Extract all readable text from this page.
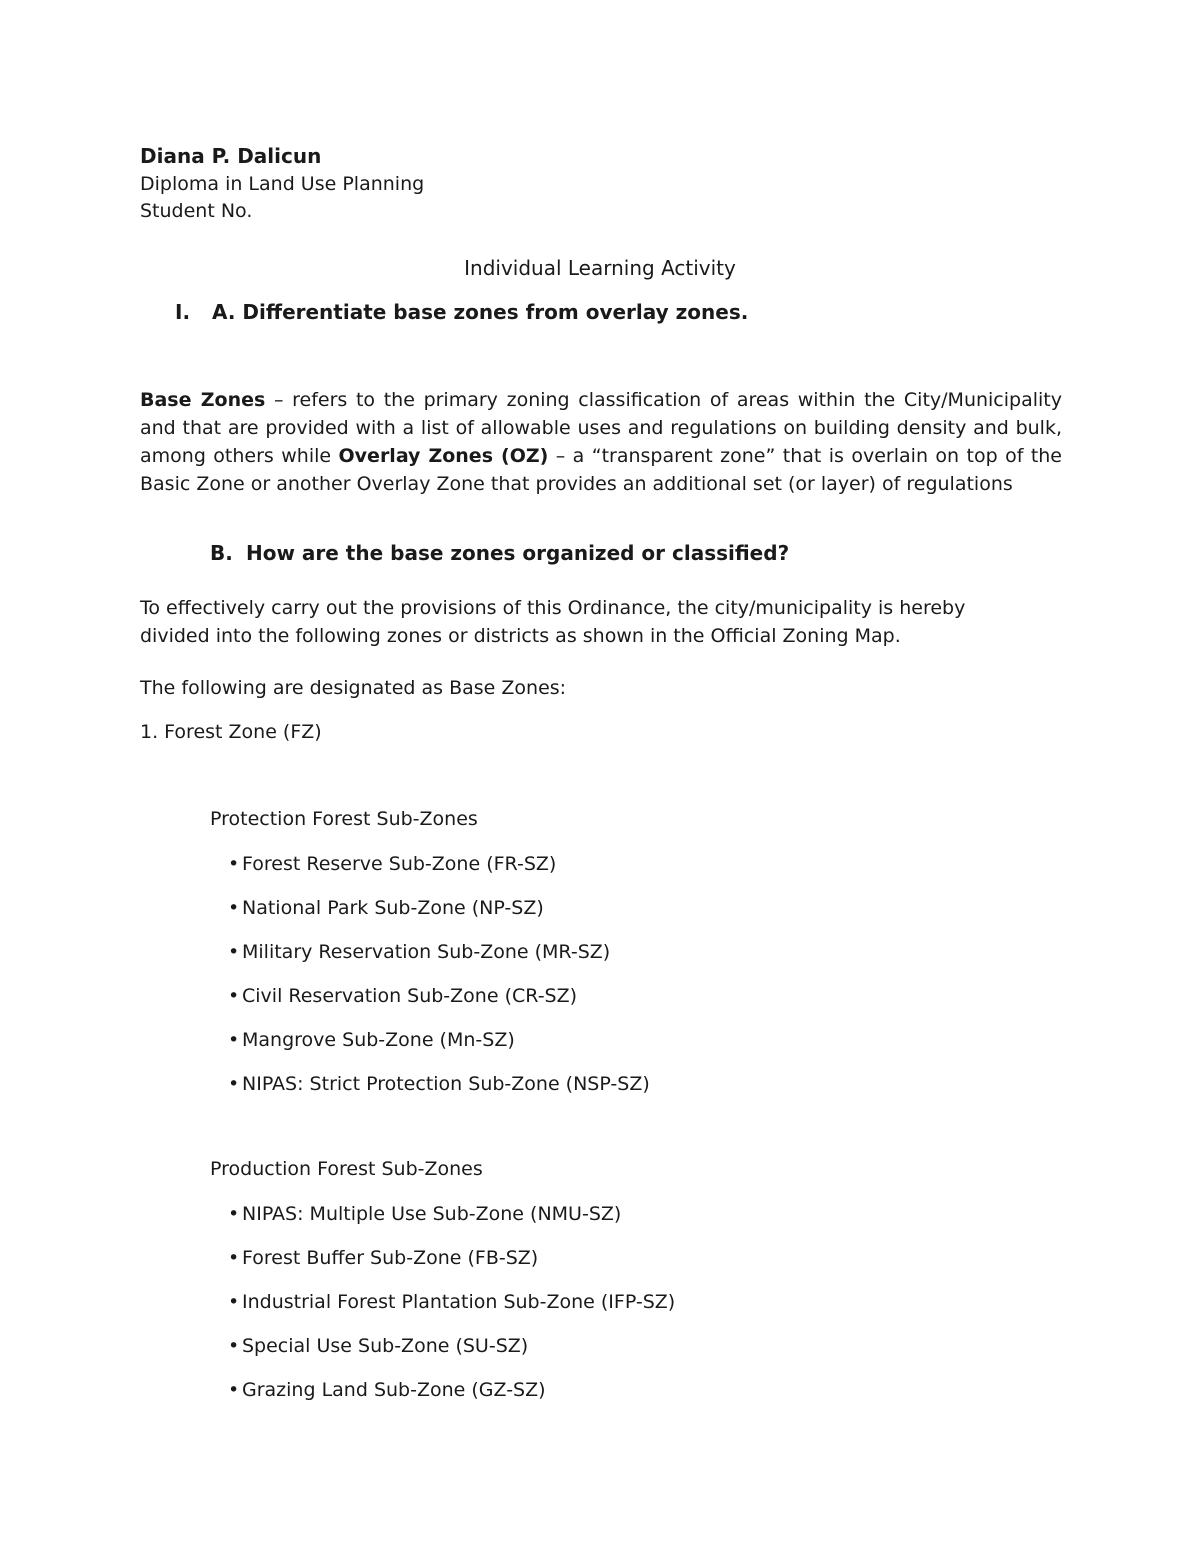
Diana P. Dalicun
Diploma in Land Use Planning
Student No.
Individual Learning Activity
I. A. Differentiate base zones from overlay zones.
Base Zones – refers to the primary zoning classification of areas within the City/Municipality and that are provided with a list of allowable uses and regulations on building density and bulk, among others while Overlay Zones (OZ) – a “transparent zone” that is overlain on top of the Basic Zone or another Overlay Zone that provides an additional set (or layer) of regulations
B. How are the base zones organized or classified?
To effectively carry out the provisions of this Ordinance, the city/municipality is hereby
divided into the following zones or districts as shown in the Official Zoning Map.
The following are designated as Base Zones:
1. Forest Zone (FZ)
Protection Forest Sub-Zones
• Forest Reserve Sub-Zone (FR-SZ)
• National Park Sub-Zone (NP-SZ)
• Military Reservation Sub-Zone (MR-SZ)
• Civil Reservation Sub-Zone (CR-SZ)
• Mangrove Sub-Zone (Mn-SZ)
• NIPAS: Strict Protection Sub-Zone (NSP-SZ)
Production Forest Sub-Zones
• NIPAS: Multiple Use Sub-Zone (NMU-SZ)
• Forest Buffer Sub-Zone (FB-SZ)
• Industrial Forest Plantation Sub-Zone (IFP-SZ)
• Special Use Sub-Zone (SU-SZ)
• Grazing Land Sub-Zone (GZ-SZ)
